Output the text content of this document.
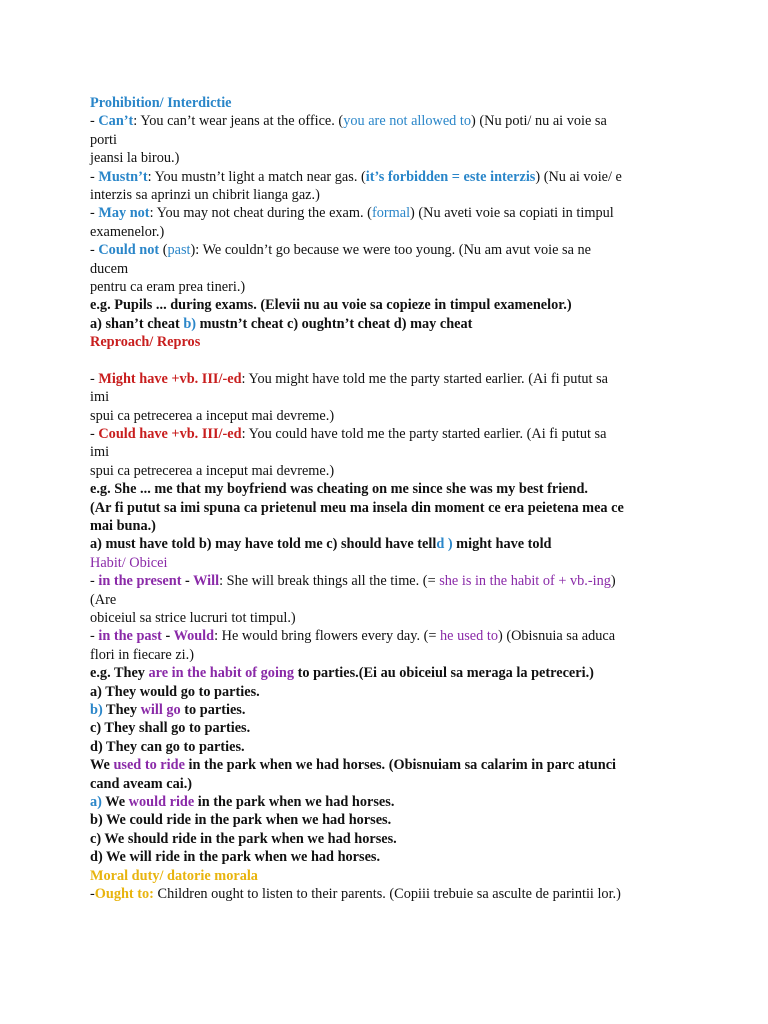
Prohibition/ Interdictie
- Can’t: You can’t wear jeans at the office. (you are not allowed to) (Nu poti/ nu ai voie sa
porti
jeansi la birou.)
- Mustn’t: You mustn’t light a match near gas. (it’s forbidden = este interzis) (Nu ai voie/ e
interzis sa aprinzi un chibrit lianga gaz.)
- May not: You may not cheat during the exam. (formal) (Nu aveti voie sa copiati in timpul
examenelor.)
- Could not (past): We couldn’t go because we were too young. (Nu am avut voie sa ne
ducem
pentru ca eram prea tineri.)
e.g. Pupils ... during exams. (Elevii nu au voie sa copieze in timpul examenelor.)
a) shan’t cheat b) mustn’t cheat c) oughtn’t cheat d) may cheat
Reproach/ Repros
- Might have +vb. III/-ed: You might have told me the party started earlier. (Ai fi putut sa
imi
spui ca petrecerea a inceput mai devreme.)
- Could have +vb. III/-ed: You could have told me the party started earlier. (Ai fi putut sa
imi
spui ca petrecerea a inceput mai devreme.)
e.g. She ... me that my boyfriend was cheating on me since she was my best friend.
(Ar fi putut sa imi spuna ca prietenul meu ma insela din moment ce era peietena mea ce
mai buna.)
a) must have told b) may have told me c) should have telld ) might have told
Habit/ Obicei
- in the present - Will: She will break things all the time. (= she is in the habit of + vb.-ing)
(Are
obiceiul sa strice lucruri tot timpul.)
- in the past - Would: He would bring flowers every day. (= he used to) (Obisnuia sa aduca
flori in fiecare zi.)
e.g. They are in the habit of going to parties.(Ei au obiceiul sa meraga la petreceri.)
a) They would go to parties.
b) They will go to parties.
c) They shall go to parties.
d) They can go to parties.
We used to ride in the park when we had horses. (Obisnuiam sa calarim in parc atunci
cand aveam cai.)
a) We would ride in the park when we had horses.
b) We could ride in the park when we had horses.
c) We should ride in the park when we had horses.
d) We will ride in the park when we had horses.
Moral duty/ datorie morala
-Ought to: Children ought to listen to their parents. (Copiii trebuie sa asculte de parintii lor.)
